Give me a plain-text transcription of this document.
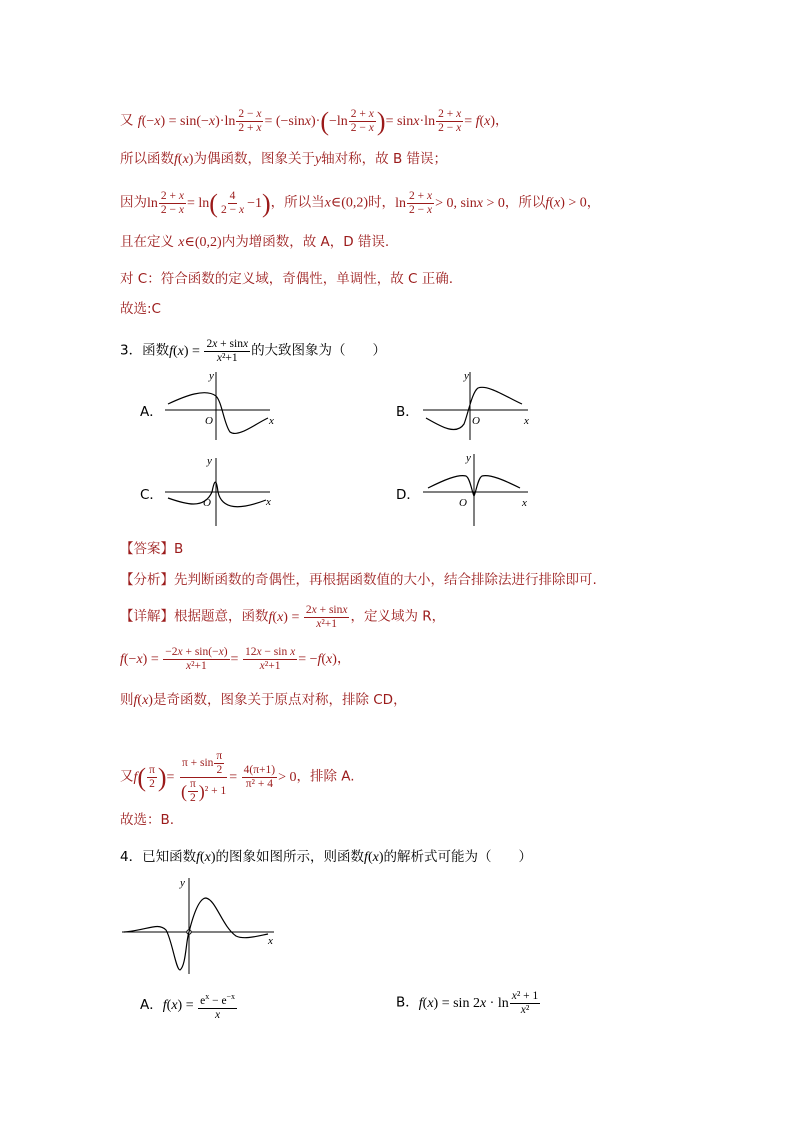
又 $f(-x) = \sin(-x)\cdot\ln \frac{2 - x}{2 + x} = (-\sin x)\cdot(-\ln \frac{2 + x}{2 - x}$ )= $\sin x\cdot\ln \frac{2 + x}{2 - x} = f(x)$，
所以函数f(x)为偶函数，图象关于y轴对称，故 B 错误；
因为$\ln \frac{2 + x}{2 - x} = \ln( \frac{4}{2 - x} -1)$，所以当x∈(0,2)时，$\ln \frac{2 + x}{2 - x} > 0$, sinx > 0，所以f(x) > 0，
且在定义 x∈(0,2)内为增函数，故 A，D 错误.
对 C：符合函数的定义域，奇偶性，单调性，故 C 正确.
故选:C
3．函数$f(x) = \frac{2x + \sin x}{\text{x²+1}}$ 的大致图象为（　　）
A．
x
y
O
B．
x
y
O
C．	x
y
O	D．	x
y
O
【答案】B
【分析】先判断函数的奇偶性，再根据函数值的大小，结合排除法进行排除即可.
【详解】根据题意，函数$f(x) = \frac{2x + \sin x}{\text{x²+1}}$ ，定义域为 R，
$f(-x) = \frac{-2x + \sin(-x)}{\text{x²+1}} = \frac{\text{12x − sin x}}{\text{x²+1}} = -f(x)$，
则f(x)是奇函数，图象关于原点对称，排除 CD，
又$f( \frac{\pi}{2}$ )= $\frac{\pi + \sin \frac{\pi}{2}}{( \frac{\pi}{2} )^2 + 1} = \frac{4(\pi+1)}{\text{π² + 4}} > 0$，排除 A.
故选：B.
4．已知函数f(x)的图象如图所示，则函数f(x)的解析式可能为（　　）
x
y
A．$f(x) = \frac{e^x - e^{-x}}{x}$	B．$f(x) = \sin 2x \cdot \ln \frac{\text{x² + 1}}{\text{x²}}$
